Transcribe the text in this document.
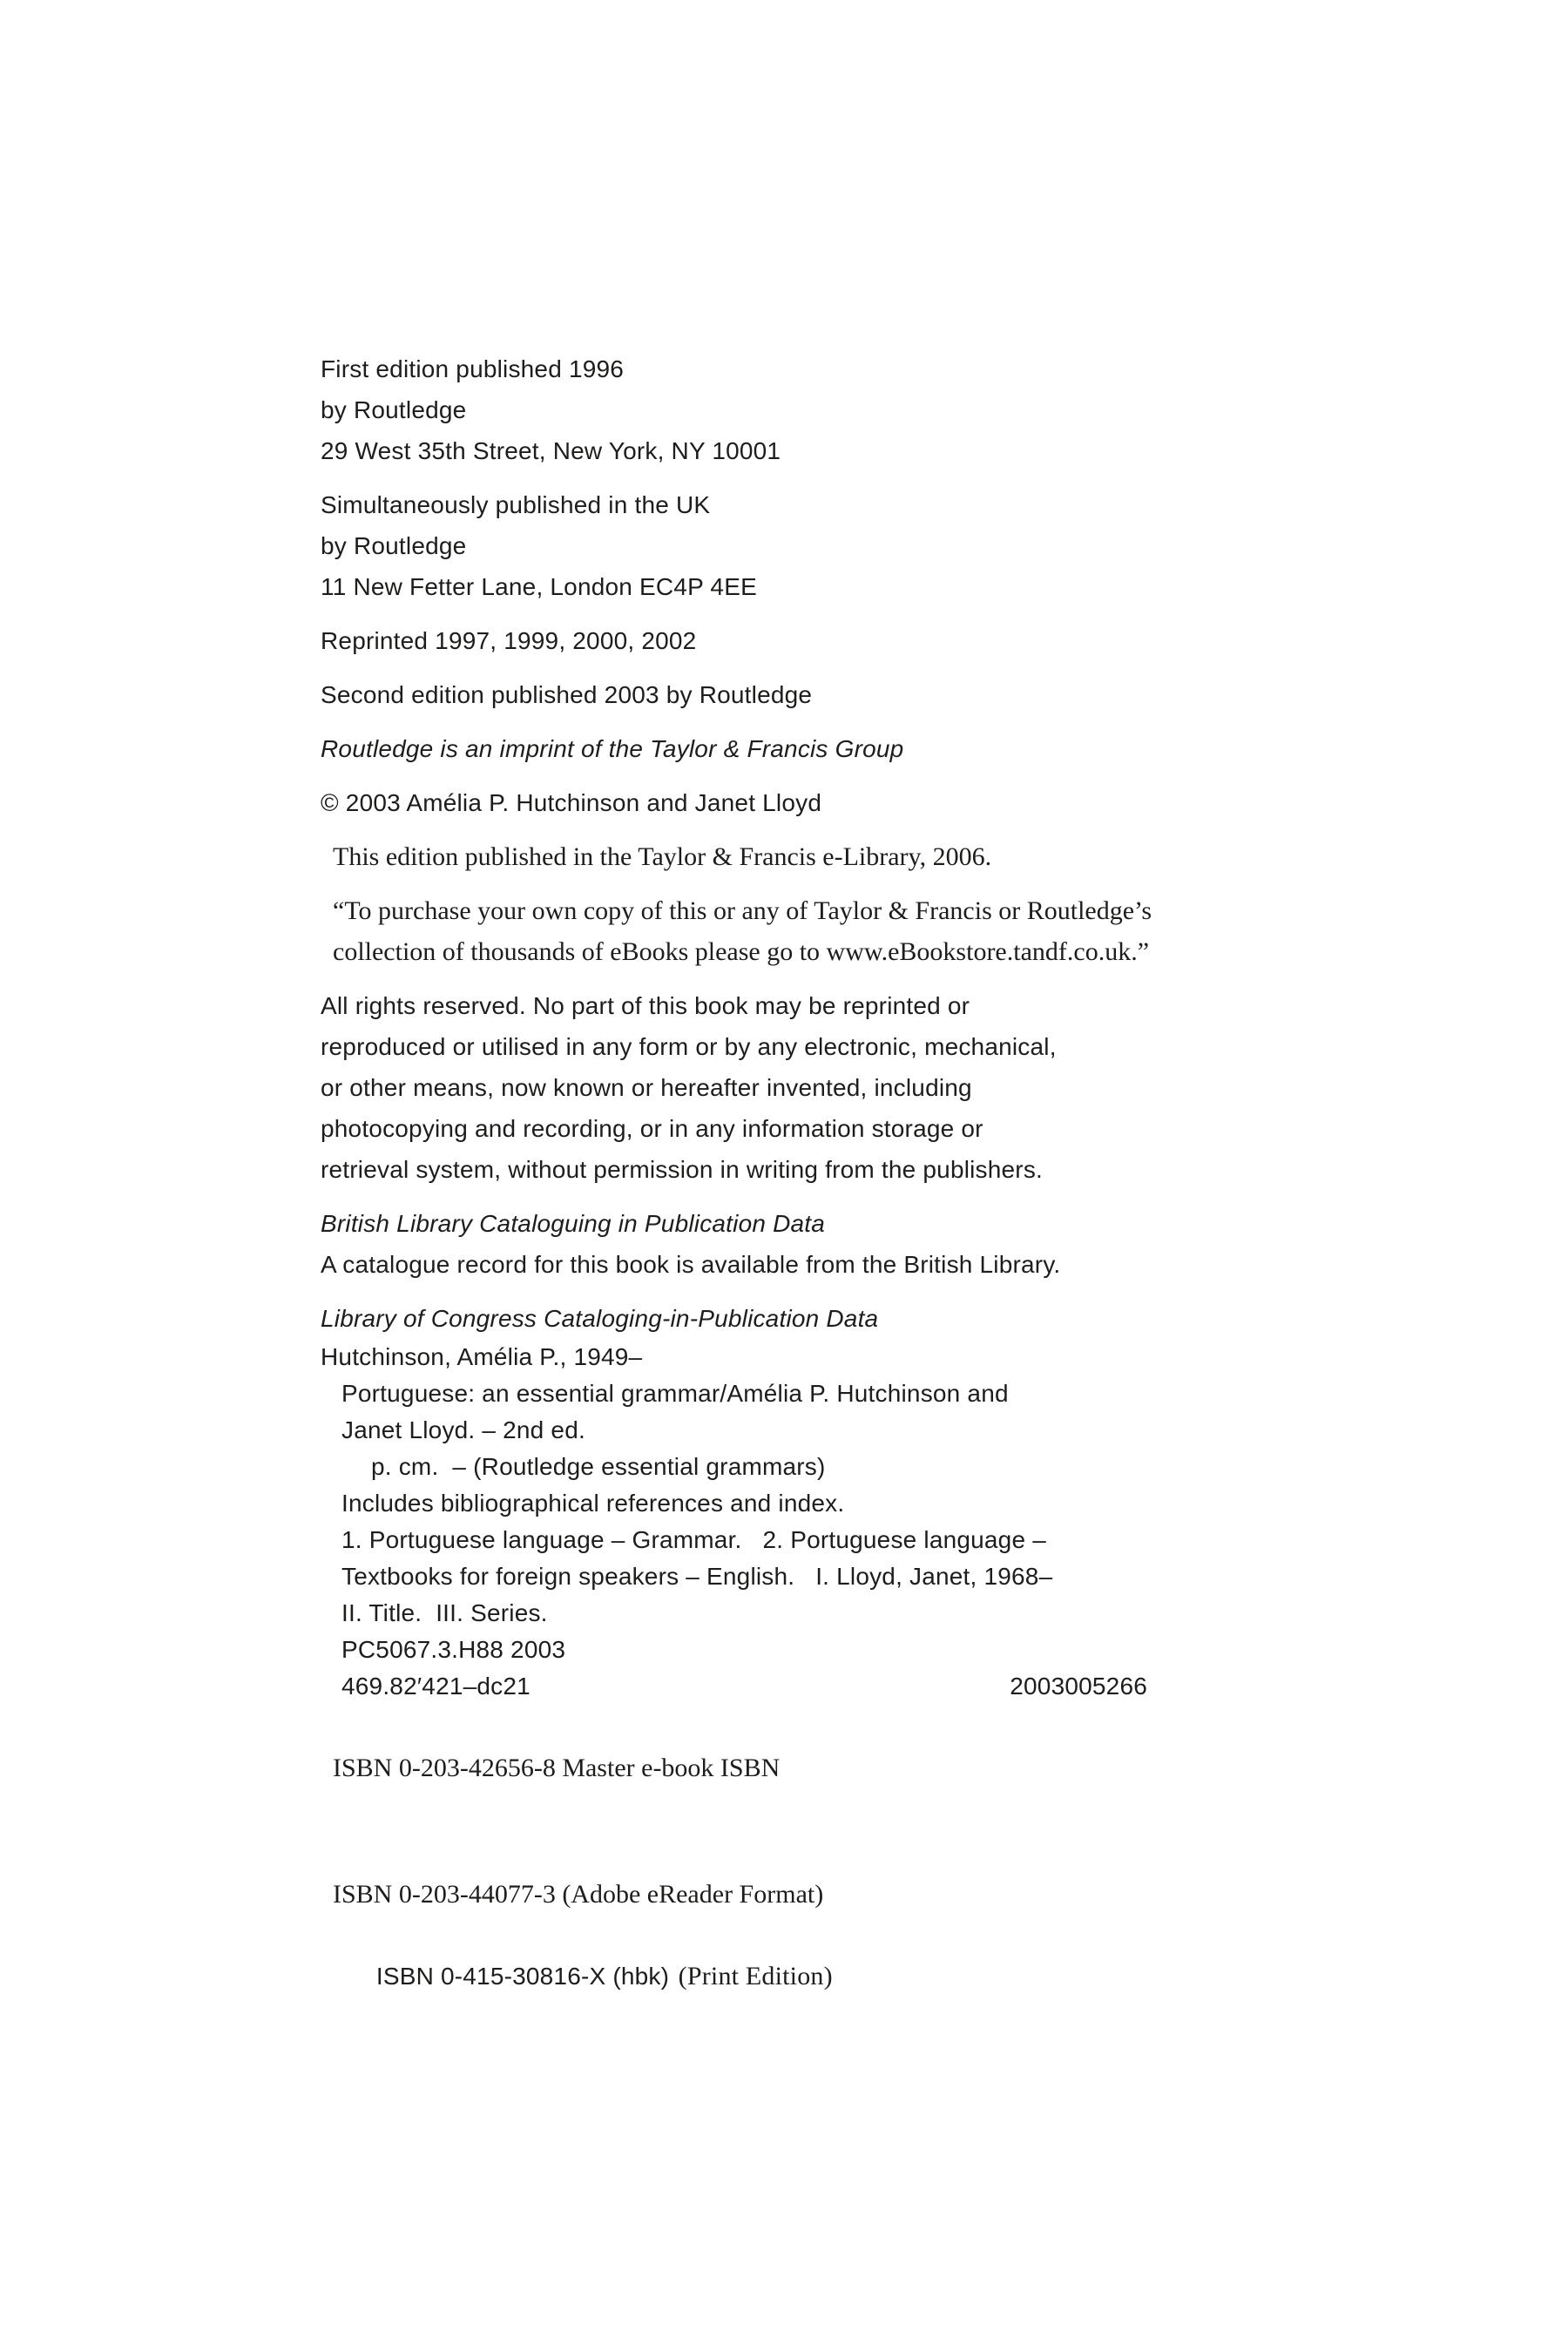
First edition published 1996
by Routledge
29 West 35th Street, New York, NY 10001
Simultaneously published in the UK
by Routledge
11 New Fetter Lane, London EC4P 4EE
Reprinted 1997, 1999, 2000, 2002
Second edition published 2003 by Routledge
Routledge is an imprint of the Taylor & Francis Group
© 2003 Amélia P. Hutchinson and Janet Lloyd
This edition published in the Taylor & Francis e-Library, 2006.
“To purchase your own copy of this or any of Taylor & Francis or Routledge’s
collection of thousands of eBooks please go to www.eBookstore.tandf.co.uk.”
All rights reserved. No part of this book may be reprinted or
reproduced or utilised in any form or by any electronic, mechanical,
or other means, now known or hereafter invented, including
photocopying and recording, or in any information storage or
retrieval system, without permission in writing from the publishers.
British Library Cataloguing in Publication Data
A catalogue record for this book is available from the British Library.
Library of Congress Cataloging-in-Publication Data
Hutchinson, Amélia P., 1949–
Portuguese: an essential grammar/Amélia P. Hutchinson and
Janet Lloyd. – 2nd ed.
p. cm.  – (Routledge essential grammars)
Includes bibliographical references and index.
1. Portuguese language – Grammar.   2. Portuguese language –
Textbooks for foreign speakers – English.   I. Lloyd, Janet, 1968–
II. Title.  III. Series.
PC5067.3.H88 2003
469.82′421–dc21	2003005266
ISBN 0-203-42656-8 Master e-book ISBN
ISBN 0-203-44077-3 (Adobe eReader Format)

ISBN 0-415-30816-X (hbk) (Print Edition)
